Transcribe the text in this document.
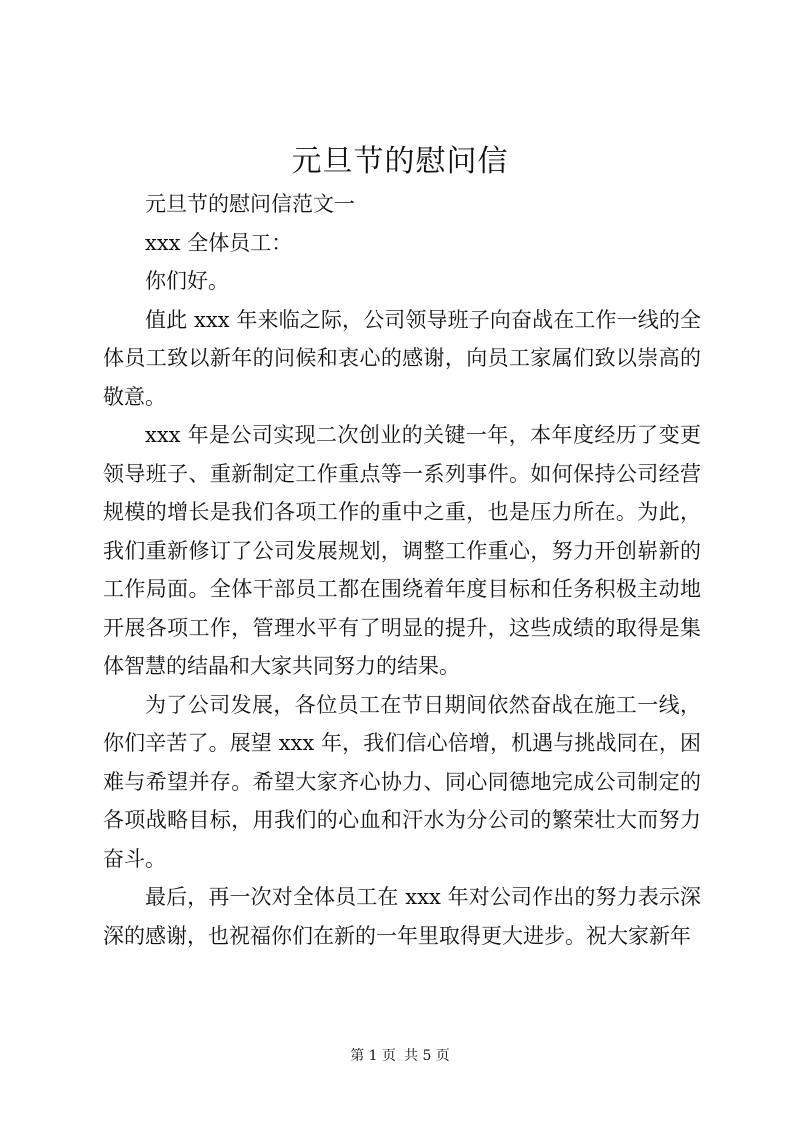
元旦节的慰问信

元旦节的慰问信范文一

xxx 全体员工：

你们好。

值此 xxx 年来临之际，公司领导班子向奋战在工作一线的全体员工致以新年的问候和衷心的感谢，向员工家属们致以崇高的敬意。

xxx 年是公司实现二次创业的关键一年，本年度经历了变更领导班子、重新制定工作重点等一系列事件。如何保持公司经营规模的增长是我们各项工作的重中之重，也是压力所在。为此，我们重新修订了公司发展规划，调整工作重心，努力开创崭新的工作局面。全体干部员工都在围绕着年度目标和任务积极主动地开展各项工作，管理水平有了明显的提升，这些成绩的取得是集体智慧的结晶和大家共同努力的结果。

为了公司发展，各位员工在节日期间依然奋战在施工一线，你们辛苦了。展望 xxx 年，我们信心倍增，机遇与挑战同在，困难与希望并存。希望大家齐心协力、同心同德地完成公司制定的各项战略目标，用我们的心血和汗水为分公司的繁荣壮大而努力奋斗。

最后，再一次对全体员工在 xxx 年对公司作出的努力表示深深的感谢，也祝福你们在新的一年里取得更大进步。祝大家新年

第 1 页 共 5 页
